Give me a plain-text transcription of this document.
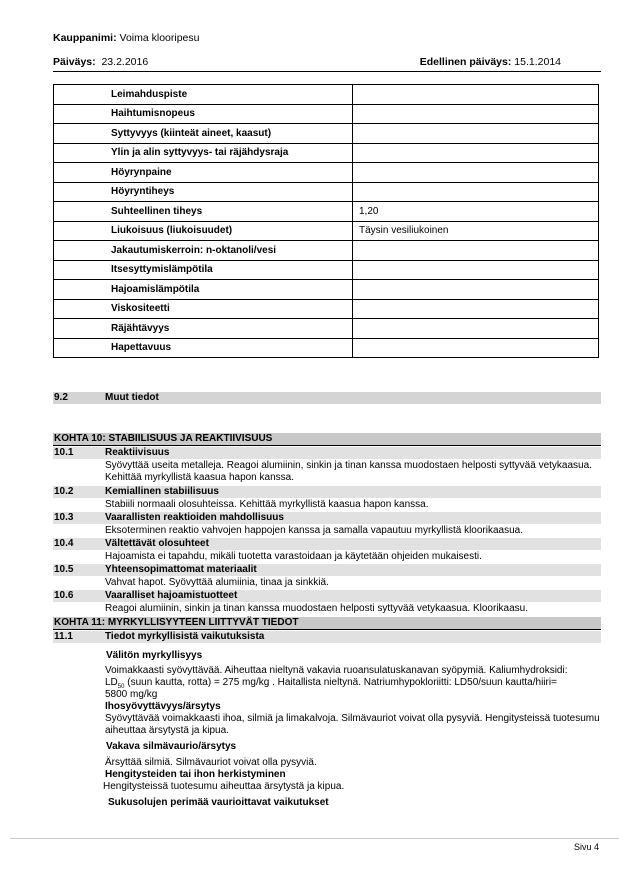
Kauppanimi: Voima klooripesu
Päiväys: 23.2.2016	Edellinen päiväys: 15.1.2014
Leimahduspiste	
Haihtumisnopeus	
Syttyvyys (kiinteät aineet, kaasut)	
Ylin ja alin syttyvyys- tai räjähdysraja	
Höyrynpaine	
Höyryntiheys	
Suhteellinen tiheys	1,20
Liukoisuus (liukoisuudet)	Täysin vesiliukoinen
Jakautumiskerroin: n-oktanoli/vesi	
Itsesyttymislämpötila	
Hajoamislämpötila	
Viskositeetti	
Räjähtävyys	
Hapettavuus	
9.2	Muut tiedot
KOHTA 10: STABIILISUUS JA REAKTIIVISUUS
10.1	Reaktiivisuus
Syövyttää useita metalleja. Reagoi alumiinin, sinkin ja tinan kanssa muodostaen helposti syttyvää vetykaasua. Kehittää myrkyllistä kaasua hapon kanssa.
10.2	Kemiallinen stabiilisuus
Stabiili normaali olosuhteissa. Kehittää myrkyllistä kaasua hapon kanssa.
10.3	Vaarallisten reaktioiden mahdollisuus
Eksoterminen reaktio vahvojen happojen kanssa ja samalla vapautuu myrkyllistä kloorikaasua.
10.4	Vältettävät olosuhteet
Hajoamista ei tapahdu, mikäli tuotetta varastoidaan ja käytetään ohjeiden mukaisesti.
10.5	Yhteensopimattomat materiaalit
Vahvat hapot. Syövyttää alumiinia, tinaa ja sinkkiä.
10.6	Vaaralliset hajoamistuotteet
Reagoi alumiinin, sinkin ja tinan kanssa muodostaen helposti syttyvää vetykaasua. Kloorikaasu.
KOHTA 11: MYRKYLLISYYTEEN LIITTYVÄT TIEDOT
11.1	Tiedot myrkyllisistä vaikutuksista
Välitön myrkyllisyys
Voimakkaasti syövyttävää. Aiheuttaa nieltynä vakavia ruoansulatuskanavan syöpymiä. Kaliumhydroksidi:
$LD_{50}$ (suun kautta, rotta) = 275 mg/kg . Haitallista nieltynä. Natriumhypokloriitti: LD50/suun kautta/hiiri=
5800 mg/kg
Ihosyövyttävyys/ärsytys
Syövyttävää voimakkaasti ihoa, silmiä ja limakalvoja. Silmävauriot voivat olla pysyviä. Hengitysteissä tuotesumu aiheuttaa ärsytystä ja kipua.
Vakava silmävaurio/ärsytys
Ärsyttää silmiä. Silmävauriot voivat olla pysyviä.
Hengitysteiden tai ihon herkistyminen
Hengitysteissä tuotesumu aiheuttaa ärsytystä ja kipua.
Sukusolujen perimää vaurioittavat vaikutukset
Sivu 4
